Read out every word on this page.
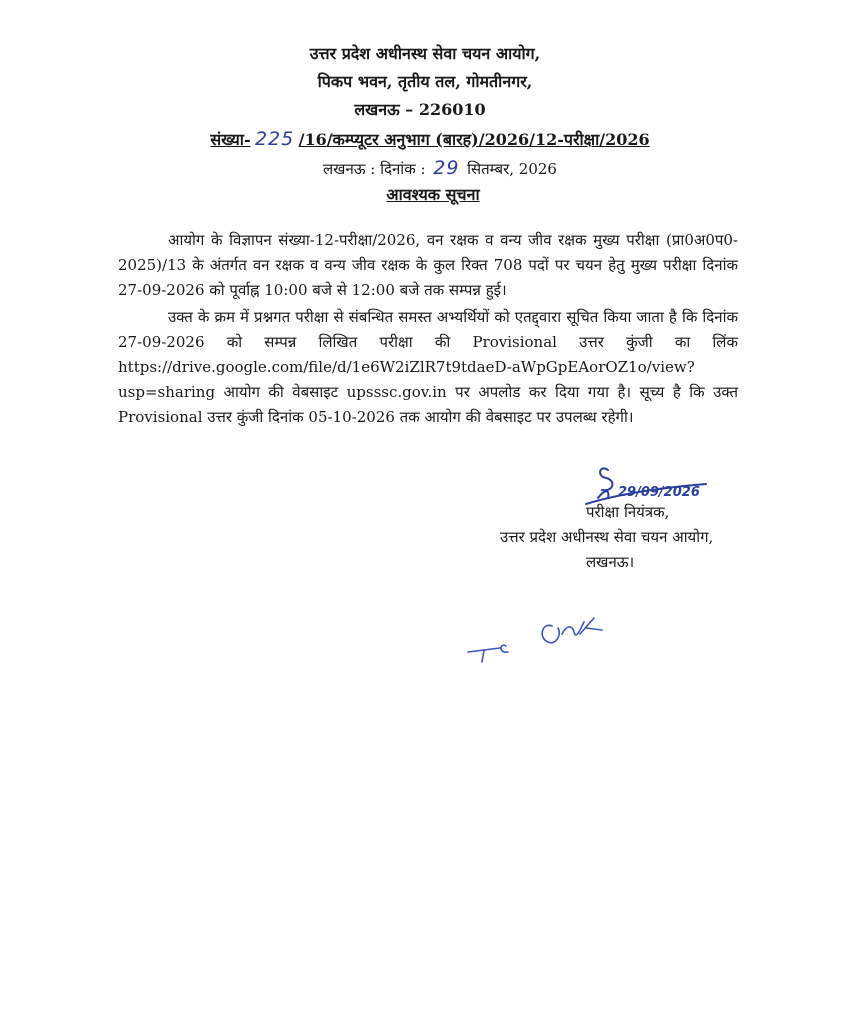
उत्तर प्रदेश अधीनस्थ सेवा चयन आयोग,
पिकप भवन, तृतीय तल, गोमतीनगर,
लखनऊ – 226010
संख्या- 225 /16/कम्प्यूटर अनुभाग (बारह)/2026/12-परीक्षा/2026
लखनऊ : दिनांक : 29 सितम्बर, 2026
आवश्यक सूचना

आयोग के विज्ञापन संख्या-12-परीक्षा/2026, वन रक्षक व वन्य जीव रक्षक मुख्य परीक्षा (प्रा0अ0प0-2025)/13 के अंतर्गत वन रक्षक व वन्य जीव रक्षक के कुल रिक्त 708 पदों पर चयन हेतु मुख्य परीक्षा दिनांक 27-09-2026 को पूर्वाह्न 10:00 बजे से 12:00 बजे तक सम्पन्न हुई।

उक्त के क्रम में प्रश्नगत परीक्षा से संबन्धित समस्त अभ्यर्थियों को एतद्द्वारा सूचित किया जाता है कि दिनांक 27-09-2026 को सम्पन्न लिखित परीक्षा की Provisional उत्तर कुंजी का लिंक https://drive.google.com/file/d/1e6W2iZlR7t9tdaeD-aWpGpEAorOZ1o/view?usp=sharing आयोग की वेबसाइट upsssc.gov.in पर अपलोड कर दिया गया है। सूच्य है कि उक्त Provisional उत्तर कुंजी दिनांक 05-10-2026 तक आयोग की वेबसाइट पर उपलब्ध रहेगी।

29/09/2026
परीक्षा नियंत्रक,
उत्तर प्रदेश अधीनस्थ सेवा चयन आयोग,
लखनऊ।
